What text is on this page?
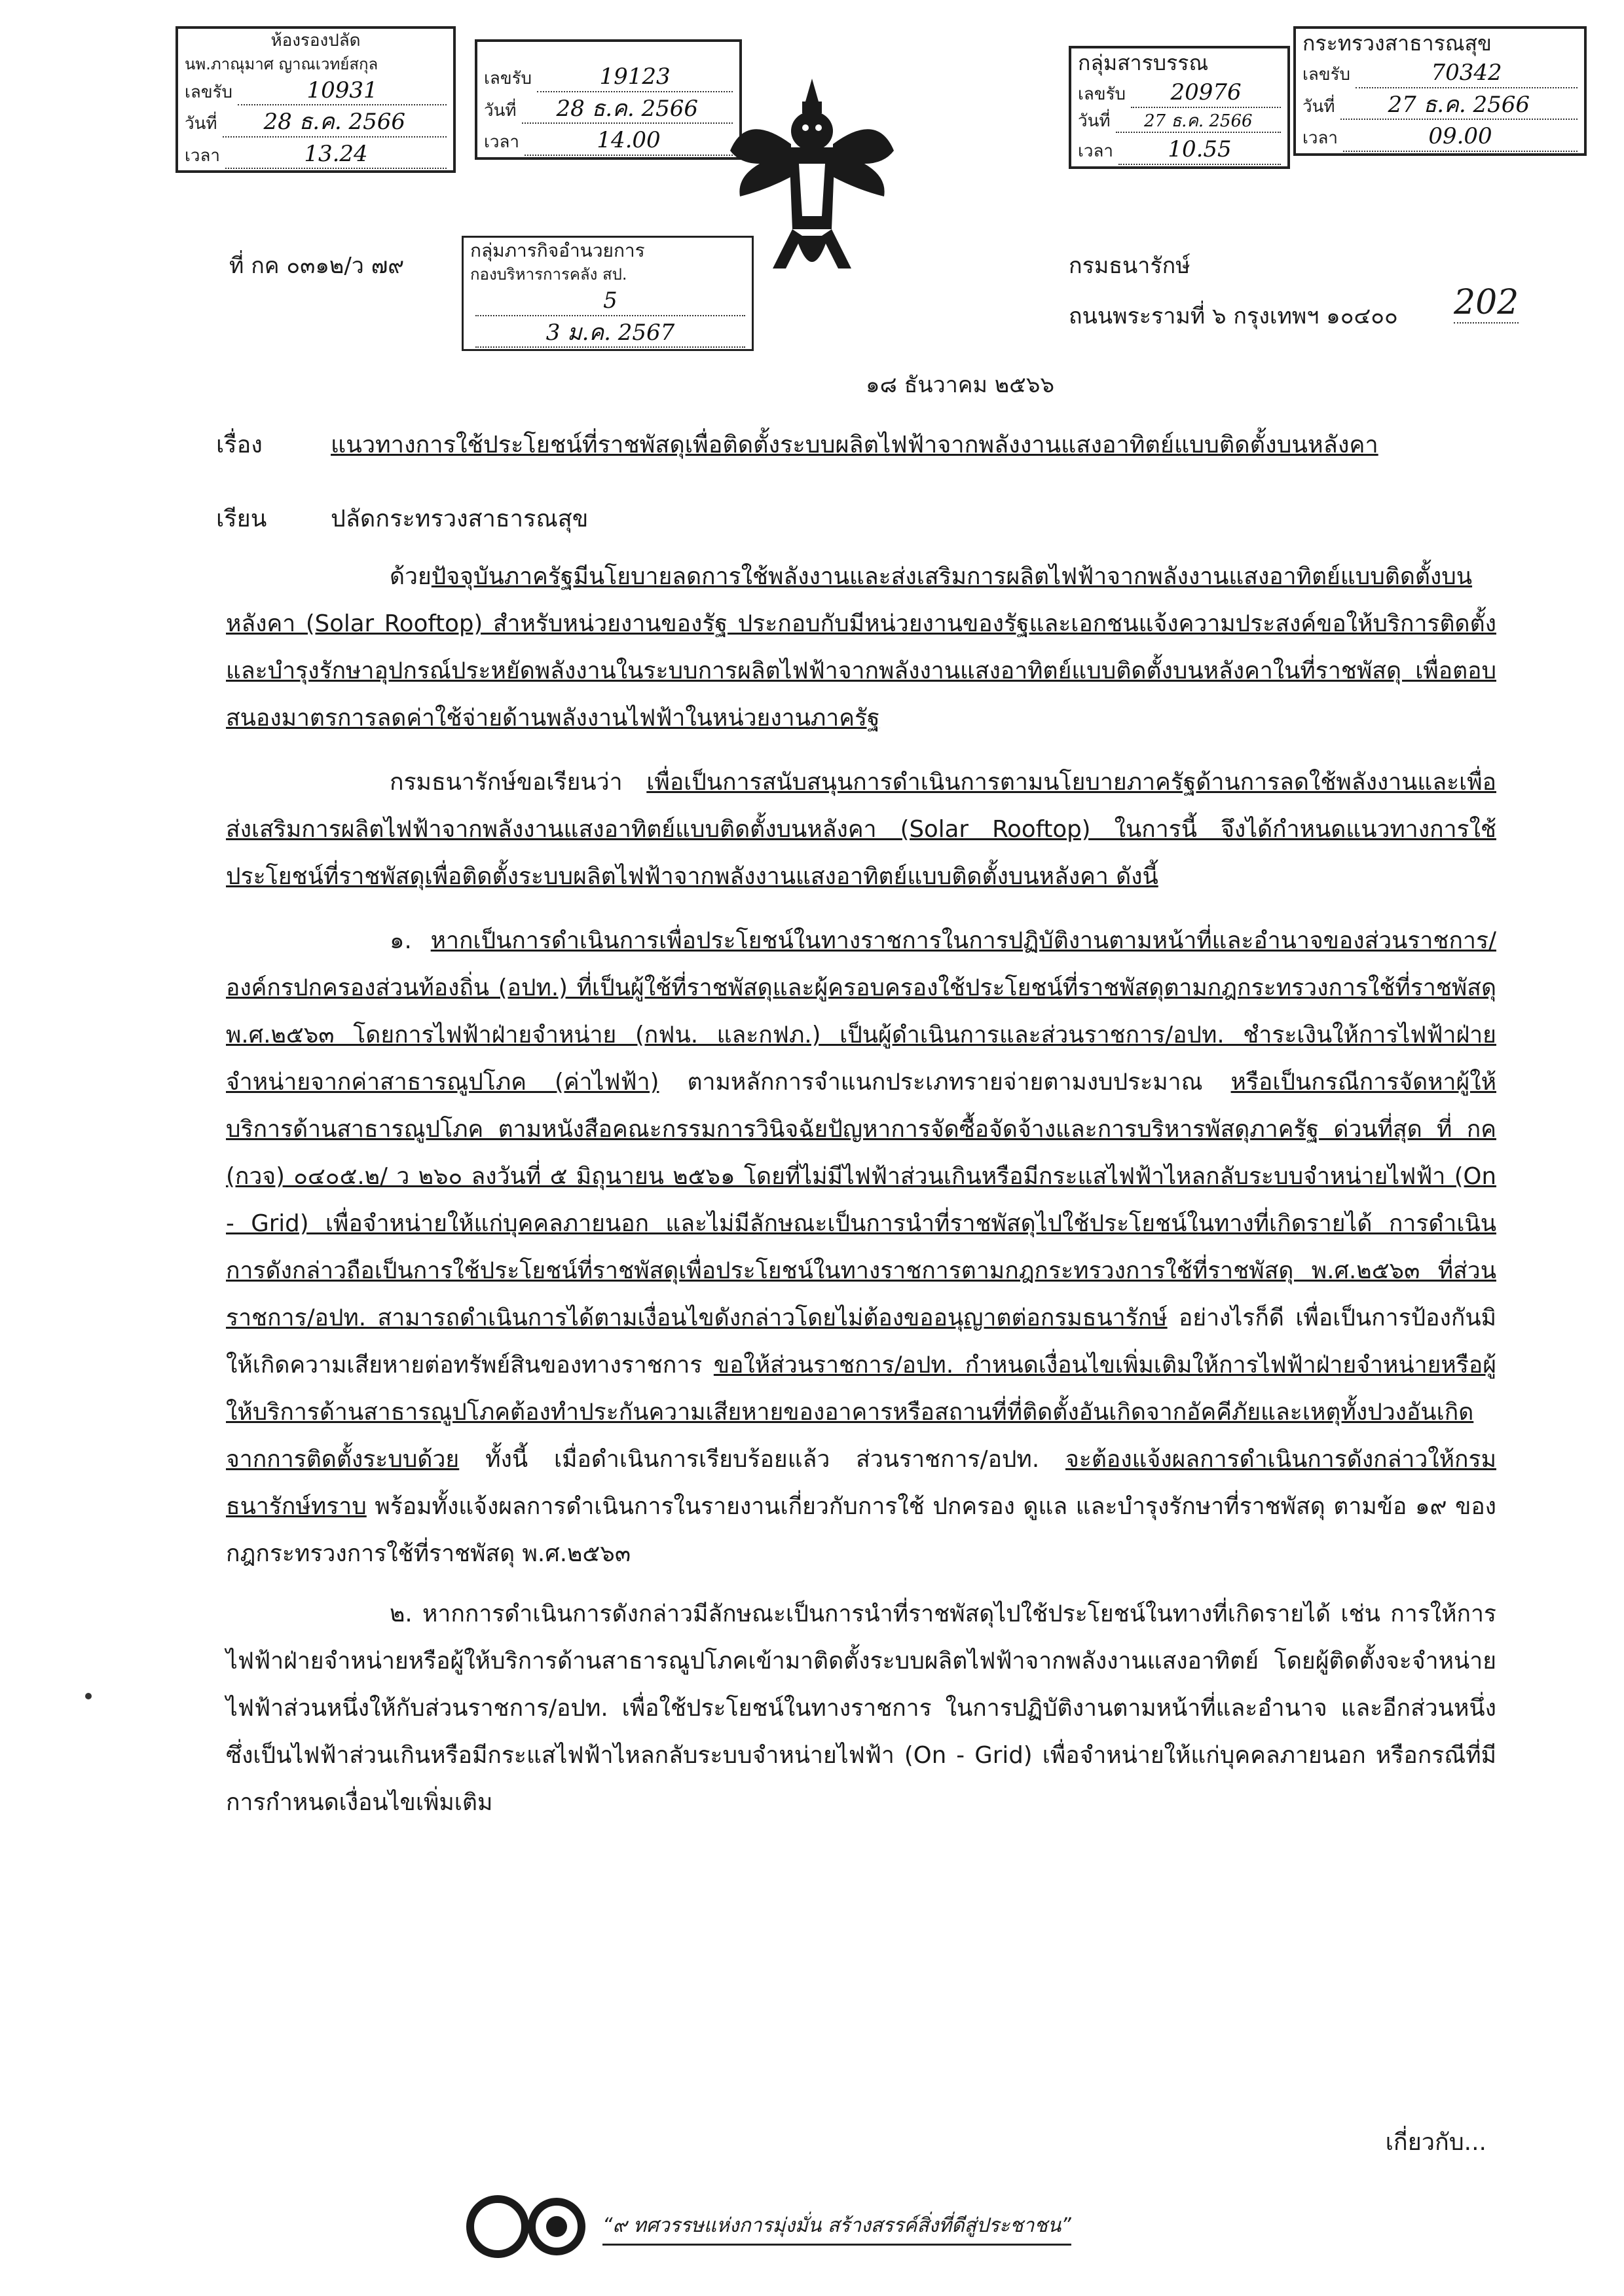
ห้องรองปลัด
นพ.ภาณุมาศ ญาณเวทย์สกุล
เลขรับ	10931
วันที่	28 ธ.ค. 2566
เวลา	13.24
เลขรับ	19123
วันที่	28 ธ.ค. 2566
เวลา	14.00
กลุ่มสารบรรณ
เลขรับ	20976
วันที่	27 ธ.ค. 2566
เวลา	10.55
กระทรวงสาธารณสุข
เลขรับ	70342
วันที่	27 ธ.ค. 2566
เวลา	09.00
กลุ่มภารกิจอำนวยการ
กองบริหารการคลัง สป.
5
3 ม.ค. 2567
ที่ กค ๐๓๑๒/ว ๗๙	กรมธนารักษ์
ถนนพระรามที่ ๖ กรุงเทพฯ ๑๐๔๐๐ 202
๑๘ ธันวาคม ๒๕๖๖
เรื่อง	แนวทางการใช้ประโยชน์ที่ราชพัสดุเพื่อติดตั้งระบบผลิตไฟฟ้าจากพลังงานแสงอาทิตย์แบบติดตั้งบนหลังคา
เรียน	ปลัดกระทรวงสาธารณสุข

ด้วยปัจจุบันภาครัฐมีนโยบายลดการใช้พลังงานและส่งเสริมการผลิตไฟฟ้าจากพลังงานแสงอาทิตย์แบบติดตั้งบนหลังคา (Solar Rooftop) สำหรับหน่วยงานของรัฐ ประกอบกับมีหน่วยงานของรัฐและเอกชนแจ้งความประสงค์ขอให้บริการติดตั้งและบำรุงรักษาอุปกรณ์ประหยัดพลังงานในระบบการผลิตไฟฟ้าจากพลังงานแสงอาทิตย์แบบติดตั้งบนหลังคาในที่ราชพัสดุ เพื่อตอบสนองมาตรการลดค่าใช้จ่ายด้านพลังงานไฟฟ้าในหน่วยงานภาครัฐ

กรมธนารักษ์ขอเรียนว่า เพื่อเป็นการสนับสนุนการดำเนินการตามนโยบายภาครัฐด้านการลดใช้พลังงานและเพื่อส่งเสริมการผลิตไฟฟ้าจากพลังงานแสงอาทิตย์แบบติดตั้งบนหลังคา (Solar Rooftop) ในการนี้ จึงได้กำหนดแนวทางการใช้ประโยชน์ที่ราชพัสดุเพื่อติดตั้งระบบผลิตไฟฟ้าจากพลังงานแสงอาทิตย์แบบติดตั้งบนหลังคา ดังนี้

๑. หากเป็นการดำเนินการเพื่อประโยชน์ในทางราชการในการปฏิบัติงานตามหน้าที่และอำนาจของส่วนราชการ/องค์กรปกครองส่วนท้องถิ่น (อปท.) ที่เป็นผู้ใช้ที่ราชพัสดุและผู้ครอบครองใช้ประโยชน์ที่ราชพัสดุตามกฎกระทรวงการใช้ที่ราชพัสดุ พ.ศ.๒๕๖๓ โดยการไฟฟ้าฝ่ายจำหน่าย (กฟน. และกฟภ.) เป็นผู้ดำเนินการและส่วนราชการ/อปท. ชำระเงินให้การไฟฟ้าฝ่ายจำหน่ายจากค่าสาธารณูปโภค (ค่าไฟฟ้า) ตามหลักการจำแนกประเภทรายจ่ายตามงบประมาณ หรือเป็นกรณีการจัดหาผู้ให้บริการด้านสาธารณูปโภค ตามหนังสือคณะกรรมการวินิจฉัยปัญหาการจัดซื้อจัดจ้างและการบริหารพัสดุภาครัฐ ด่วนที่สุด ที่ กค (กวจ) ๐๔๐๕.๒/ ว ๒๖๐ ลงวันที่ ๕ มิถุนายน ๒๕๖๑ โดยที่ไม่มีไฟฟ้าส่วนเกินหรือมีกระแสไฟฟ้าไหลกลับระบบจำหน่ายไฟฟ้า (On - Grid) เพื่อจำหน่ายให้แก่บุคคลภายนอก และไม่มีลักษณะเป็นการนำที่ราชพัสดุไปใช้ประโยชน์ในทางที่เกิดรายได้ การดำเนินการดังกล่าวถือเป็นการใช้ประโยชน์ที่ราชพัสดุเพื่อประโยชน์ในทางราชการตามกฎกระทรวงการใช้ที่ราชพัสดุ พ.ศ.๒๕๖๓ ที่ส่วนราชการ/อปท. สามารถดำเนินการได้ตามเงื่อนไขดังกล่าวโดยไม่ต้องขออนุญาตต่อกรมธนารักษ์ อย่างไรก็ดี เพื่อเป็นการป้องกันมิให้เกิดความเสียหายต่อทรัพย์สินของทางราชการ ขอให้ส่วนราชการ/อปท. กำหนดเงื่อนไขเพิ่มเติมให้การไฟฟ้าฝ่ายจำหน่ายหรือผู้ให้บริการด้านสาธารณูปโภคต้องทำประกันความเสียหายของอาคารหรือสถานที่ที่ติดตั้งอันเกิดจากอัคคีภัยและเหตุทั้งปวงอันเกิดจากการติดตั้งระบบด้วย ทั้งนี้ เมื่อดำเนินการเรียบร้อยแล้ว ส่วนราชการ/อปท. จะต้องแจ้งผลการดำเนินการดังกล่าวให้กรมธนารักษ์ทราบ พร้อมทั้งแจ้งผลการดำเนินการในรายงานเกี่ยวกับการใช้ ปกครอง ดูแล และบำรุงรักษาที่ราชพัสดุ ตามข้อ ๑๙ ของกฎกระทรวงการใช้ที่ราชพัสดุ พ.ศ.๒๕๖๓

๒. หากการดำเนินการดังกล่าวมีลักษณะเป็นการนำที่ราชพัสดุไปใช้ประโยชน์ในทางที่เกิดรายได้ เช่น การให้การไฟฟ้าฝ่ายจำหน่ายหรือผู้ให้บริการด้านสาธารณูปโภคเข้ามาติดตั้งระบบผลิตไฟฟ้าจากพลังงานแสงอาทิตย์ โดยผู้ติดตั้งจะจำหน่ายไฟฟ้าส่วนหนึ่งให้กับส่วนราชการ/อปท. เพื่อใช้ประโยชน์ในทางราชการ ในการปฏิบัติงานตามหน้าที่และอำนาจ และอีกส่วนหนึ่งซึ่งเป็นไฟฟ้าส่วนเกินหรือมีกระแสไฟฟ้าไหลกลับระบบจำหน่ายไฟฟ้า (On - Grid) เพื่อจำหน่ายให้แก่บุคคลภายนอก หรือกรณีที่มีการกำหนดเงื่อนไขเพิ่มเติม

เกี่ยวกับ...
“๙ ทศวรรษแห่งการมุ่งมั่น สร้างสรรค์สิ่งที่ดีสู่ประชาชน”
